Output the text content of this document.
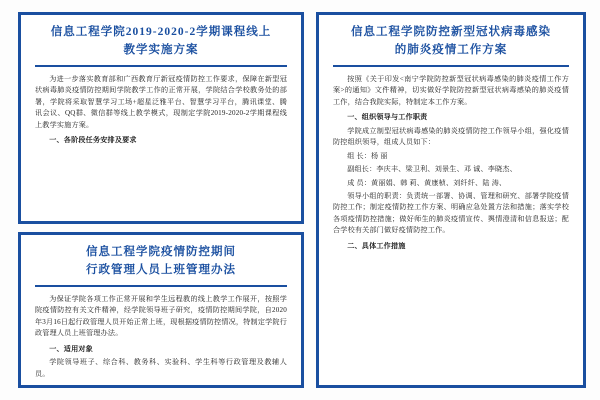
信息工程学院2019-2020-2学期课程线上
教学实施方案

为进一步落实教育部和广西教育厅新冠疫情防控工作要求，保障在新型冠状病毒肺炎疫情防控期间学院教学工作的正常开展，学院结合学校教务处的部署，学院将采取智慧学习工场+超星泛雅平台、智慧学习平台，腾讯课堂、腾讯会议、QQ群、微信群等线上教学模式，现制定学院2019-2020-2学期课程线上教学实施方案。

一、各阶段任务安排及要求

信息工程学院防控新型冠状病毒感染
的肺炎疫情工作方案

按照《关于印发<南宁学院防控新型冠状病毒感染的肺炎疫情工作方案>的通知》文件精神，切实做好学院防控新型冠状病毒感染的肺炎疫情工作，结合我院实际，特制定本工作方案。

一、组织领导与工作职责

学院成立制型冠状病毒感染的肺炎疫情防控工作领导小组，强化疫情防控组织领导，组成人员如下：

组 长：杨 丽

副组长：李庆丰、梁卫利、刘景生、邓 诚、李晓杰、

成 员：黄丽娟、韩 莉、黄康桢、刘纤纤、陆 涛、

领导小组的职责：负责统一部署、协调、管理和研究、部署学院疫情防控工作；制定疫情防控工作方案、明确应急处置方法和措施；落实学校各项疫情防控措施；做好师生的肺炎疫情宣传、舆情澄清和信息报送；配合学校有关部门做好疫情防控工作。

二、具体工作措施

信息工程学院疫情防控期间
行政管理人员上班管理办法

为保证学院各项工作正常开展和学生远程教的线上教学工作展开，按照学院疫情防控有关文件精神，经学院领导班子研究，疫情防控期间学院，自2020年3月16日起行政管理人员开始正常上班，现根据疫情防控情况，特制定学院行政管理人员上班管理办法。

一、适用对象

学院领导班子、综合科、教务科、实验科、学生科等行政管理及教辅人员。
